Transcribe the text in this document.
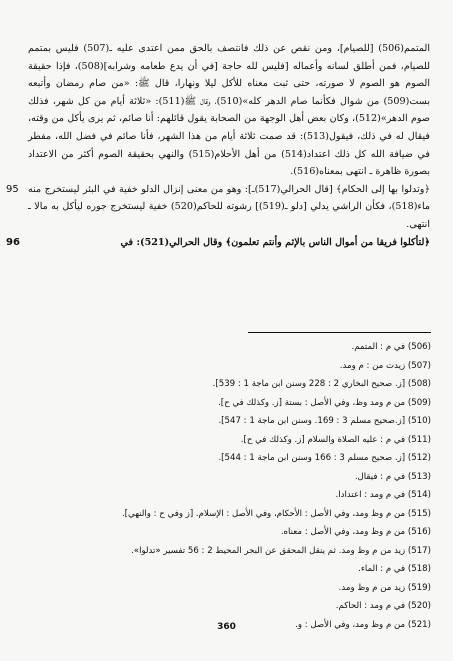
المتمم(506) [للصيام]، ومن نقص عن ذلك فانتصف بالحق ممن اعتدى عليه ـ(507) فليس بمتمم للصيام، فمن أطلق لسانه وأعماله [فليس لله حاجة [في أن يدع طعامه وشرابه](508)، فإذا حقيقة الصوم هو الصوم لا صورته، حتى ثبت معناه للأكل ليلا ونهارا، قال ﷺ: «من صام رمضان وأتبعه بست(509) من شوال فكأنما صام الدهر كله»(510)، وقال ﷺ(511): «ثلاثة أيام من كل شهر، فذلك صوم الدهر»(512)، وكان بعض أهل الوجهة من الصحابة يقول قائلهم: أنا صائم، ثم يرى يأكل من وقته، فيقال له في ذلك، فيقول(513): قد صمت ثلاثة أيام من هذا الشهر، فأنا صائم في فضل الله، مفطر في ضيافة الله كل ذلك اعتداد(514) من أهل الأحلام(515) والنهي بحقيقة الصوم أكثر من الاعتداد بصورة ظاهرة ـ انتهى بمعناه(516).

95 ﴿وتدلوا بها إلى الحكام﴾ [قال الحرالي(517)ـ]: وهو من معنى إنزال الدلو خفية في البئر ليستخرج منه ماء(518)، فكأن الراشي يدلي [دلو ـ(519)] رشوته للحاكم(520) خفية ليستخرج جوره ليأكل به مالا ـ انتهى.

96	﴿لتأكلوا فريقا من أموال الناس بالإثم وأنتم تعلمون﴾ وقال الحرالي(521): في

(506) في م : المتمم.
(507) زيدت من : م ومد.
(508) [ز. صحيح البخاري 2 : 228 وسنن ابن ماجة 1 : 539].
(509) من م ومد وظ، وفي الأصل : بستة [ز. وكذلك في ح].
(510) [ز.صحيح مسلم 3 : 169. وسنن ابن ماجة 1 : 547].
(511) في م : عليه الصلاة والسلام [ز. وكذلك في ح].
(512) [ز. صحيح مسلم 3 : 166 وسنن ابن ماجة 1 : 544].
(513) في م : فيقال.
(514) في م ومد : اعتدادا.
(515) من م وظ ومد، وفي الأصل : الأحكام، وفي الأصل : الإسلام. [ز وفي ح : والنهي].
(516) من م وظ ومد، وفي الأصل : معناه.
(517) زيد من م وظ ومد. ثم ينقل المحقق عن البحر المحيط 2 : 56 تفسير «تدلوا».
(518) في م : الماء.
(519) زيد من م وظ ومد.
(520) في م ومد : الحاكم.
(521) من م وظ ومد، وفي الأصل : و.
360
